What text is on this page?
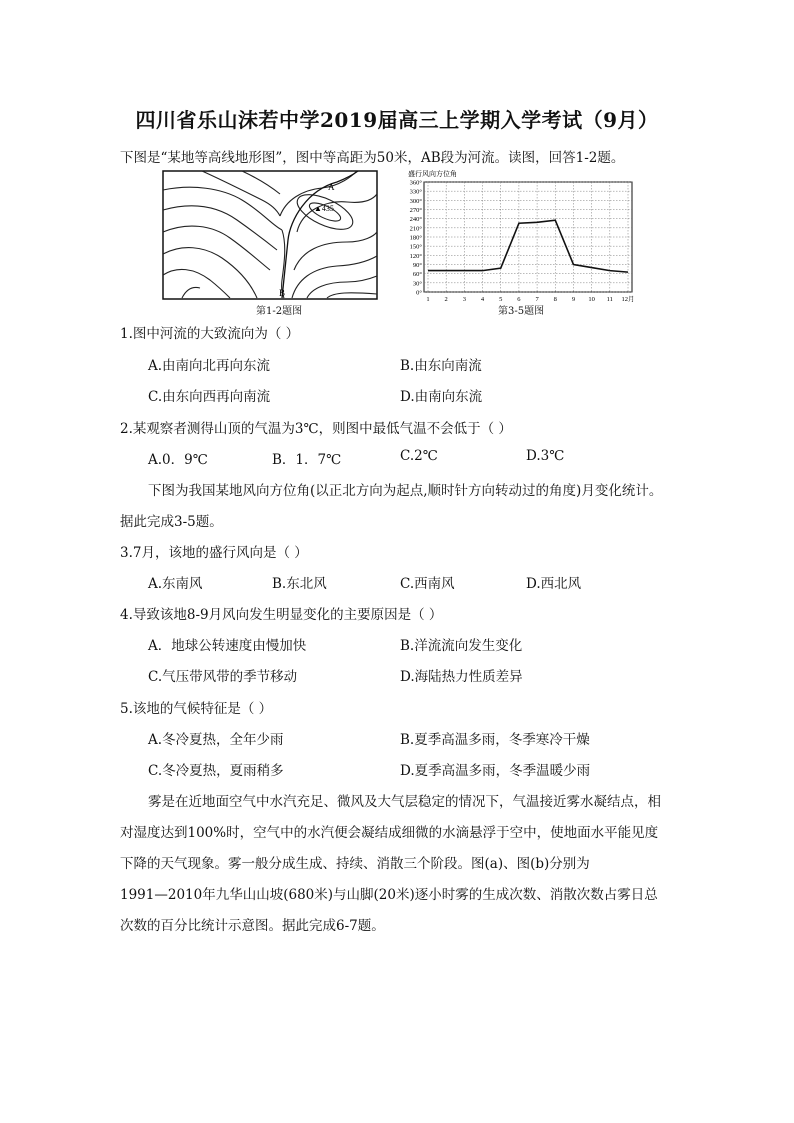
四川省乐山沫若中学2019届高三上学期入学考试（9月）
下图是“某地等高线地形图”，图中等高距为50米，AB段为河流。读图，回答1-2题。
A
B
▲435
第1-2题图
盛行风向方位角
0°
30°
60°
90°
120°
150°
180°
210°
240°
270°
300°
330°
360°
1 2 3 4 5 6 7 8 9 10 11 12月
第3-5题图
1.图中河流的大致流向为（ ）
A.由南向北再向东流	B.由东向南流
C.由东向西再向南流	D.由南向东流
2.某观察者测得山顶的气温为3℃，则图中最低气温不会低于（ ）
A.0．9℃	B．1．7℃	C.2℃	D.3℃
下图为我国某地风向方位角(以正北方向为起点,顺时针方向转动过的角度)月变化统计。
据此完成3-5题。
3.7月，该地的盛行风向是（ ）
A.东南风	B.东北风	C.西南风	D.西北风
4.导致该地8-9月风向发生明显变化的主要原因是（ ）
A．地球公转速度由慢加快	B.洋流流向发生变化
C.气压带风带的季节移动	D.海陆热力性质差异
5.该地的气候特征是（ ）
A.冬冷夏热，全年少雨	B.夏季高温多雨，冬季寒冷干燥
C.冬冷夏热，夏雨稍多	D.夏季高温多雨，冬季温暖少雨
雾是在近地面空气中水汽充足、微风及大气层稳定的情况下，气温接近雾水凝结点，相
对湿度达到100%时，空气中的水汽便会凝结成细微的水滴悬浮于空中，使地面水平能见度
下降的天气现象。雾一般分成生成、持续、消散三个阶段。图(a)、图(b)分别为
1991—2010年九华山山坡(680米)与山脚(20米)逐小时雾的生成次数、消散次数占雾日总
次数的百分比统计示意图。据此完成6-7题。
